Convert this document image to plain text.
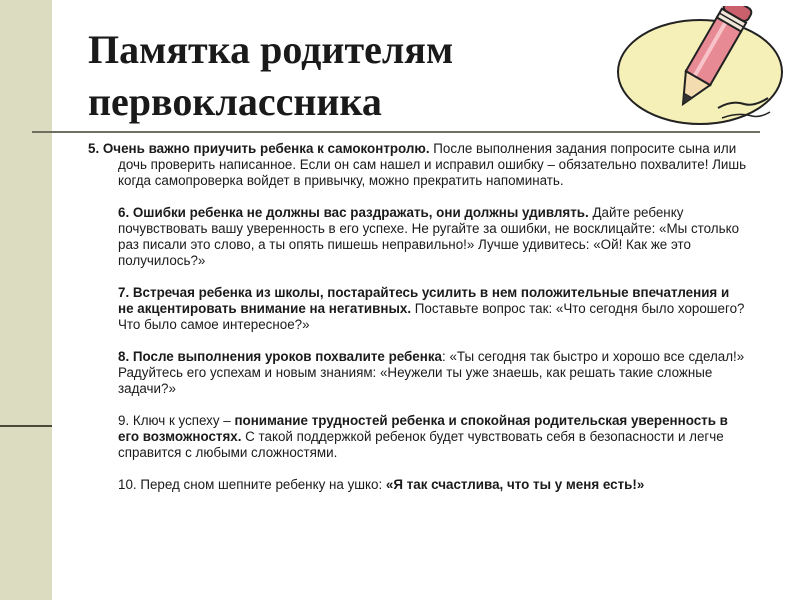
Памятка родителям
первоклассника

5. Очень важно приучить ребенка к самоконтролю. После выполнения задания попросите сына или дочь проверить написанное. Если он сам нашел и исправил ошибку – обязательно похвалите! Лишь когда самопроверка войдет в привычку, можно прекратить напоминать.

6. Ошибки ребенка не должны вас раздражать, они должны удивлять. Дайте ребенку почувствовать вашу уверенность в его успехе. Не ругайте за ошибки, не восклицайте: «Мы столько раз писали это слово, а ты опять пишешь неправильно!» Лучше удивитесь: «Ой! Как же это получилось?»

7. Встречая ребенка из школы, постарайтесь усилить в нем положительные впечатления и не акцентировать внимание на негативных. Поставьте вопрос так: «Что сегодня было хорошего? Что было самое интересное?»

8. После выполнения уроков похвалите ребенка: «Ты сегодня так быстро и хорошо все сделал!» Радуйтесь его успехам и новым знаниям: «Неужели ты уже знаешь, как решать такие сложные задачи?»

9. Ключ к успеху – понимание трудностей ребенка и спокойная родительская уверенность в его возможностях. С такой поддержкой ребенок будет чувствовать себя в безопасности и легче справится с любыми сложностями.

10. Перед сном шепните ребенку на ушко: «Я так счастлива, что ты у меня есть!»
